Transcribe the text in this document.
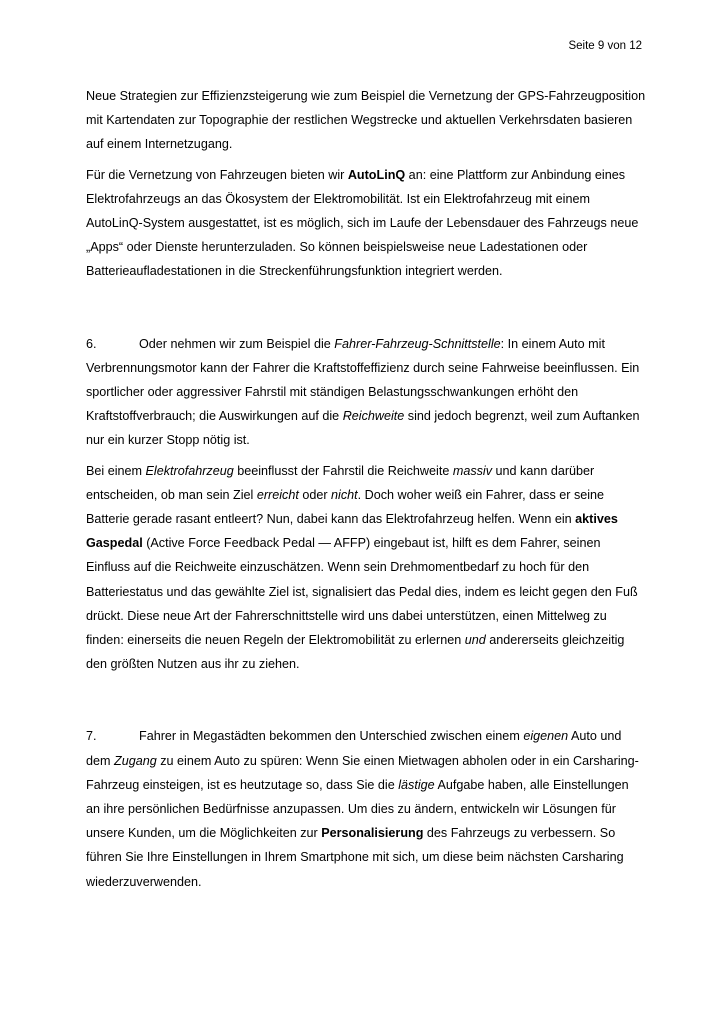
Seite 9 von 12

Neue Strategien zur Effizienzsteigerung wie zum Beispiel die Vernetzung der GPS-Fahrzeugposition mit Kartendaten zur Topographie der restlichen Wegstrecke und aktuellen Verkehrsdaten basieren auf einem Internetzugang.

Für die Vernetzung von Fahrzeugen bieten wir AutoLinQ an: eine Plattform zur Anbindung eines Elektrofahrzeugs an das Ökosystem der Elektromobilität. Ist ein Elektrofahrzeug mit einem AutoLinQ-System ausgestattet, ist es möglich, sich im Laufe der Lebensdauer des Fahrzeugs neue „Apps“ oder Dienste herunterzuladen. So können beispielsweise neue Ladestationen oder Batterieaufladestationen in die Streckenführungsfunktion integriert werden.

6.	Oder nehmen wir zum Beispiel die Fahrer-Fahrzeug-Schnittstelle: In einem Auto mit Verbrennungsmotor kann der Fahrer die Kraftstoffeffizienz durch seine Fahrweise beeinflussen. Ein sportlicher oder aggressiver Fahrstil mit ständigen Belastungsschwankungen erhöht den Kraftstoffverbrauch; die Auswirkungen auf die Reichweite sind jedoch begrenzt, weil zum Auftanken nur ein kurzer Stopp nötig ist.

Bei einem Elektrofahrzeug beeinflusst der Fahrstil die Reichweite massiv und kann darüber entscheiden, ob man sein Ziel erreicht oder nicht. Doch woher weiß ein Fahrer, dass er seine Batterie gerade rasant entleert? Nun, dabei kann das Elektrofahrzeug helfen. Wenn ein aktives Gaspedal (Active Force Feedback Pedal — AFFP) eingebaut ist, hilft es dem Fahrer, seinen Einfluss auf die Reichweite einzuschätzen. Wenn sein Drehmomentbedarf zu hoch für den Batteriestatus und das gewählte Ziel ist, signalisiert das Pedal dies, indem es leicht gegen den Fuß drückt. Diese neue Art der Fahrerschnittstelle wird uns dabei unterstützen, einen Mittelweg zu finden: einerseits die neuen Regeln der Elektromobilität zu erlernen und andererseits gleichzeitig den größten Nutzen aus ihr zu ziehen.

7.	Fahrer in Megastädten bekommen den Unterschied zwischen einem eigenen Auto und dem Zugang zu einem Auto zu spüren: Wenn Sie einen Mietwagen abholen oder in ein Carsharing-Fahrzeug einsteigen, ist es heutzutage so, dass Sie die lästige Aufgabe haben, alle Einstellungen an ihre persönlichen Bedürfnisse anzupassen. Um dies zu ändern, entwickeln wir Lösungen für unsere Kunden, um die Möglichkeiten zur Personalisierung des Fahrzeugs zu verbessern. So führen Sie Ihre Einstellungen in Ihrem Smartphone mit sich, um diese beim nächsten Carsharing wiederzuverwenden.
